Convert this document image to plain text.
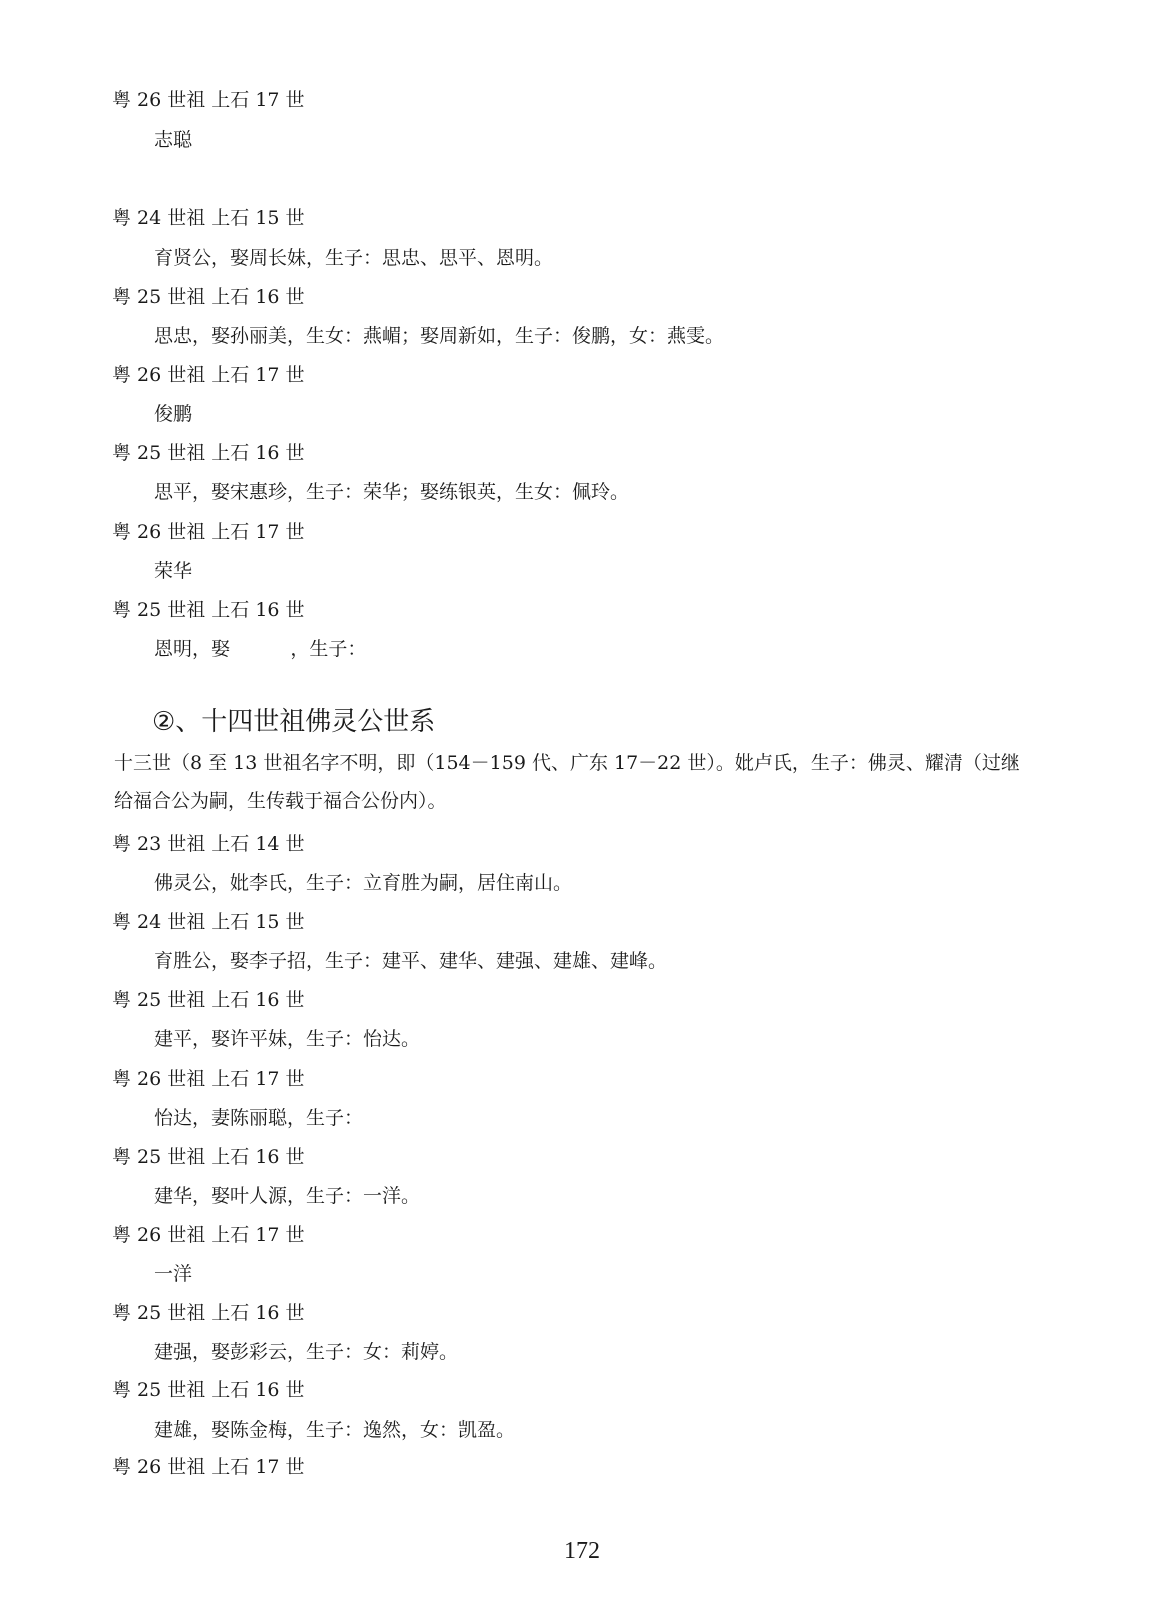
粤 26 世祖 上石 17 世
志聪
粤 24 世祖 上石 15 世
育贤公，娶周长妹，生子：思忠、思平、恩明。
粤 25 世祖 上石 16 世
思忠，娶孙丽美，生女：燕嵋；娶周新如，生子：俊鹏，女：燕雯。
粤 26 世祖 上石 17 世
俊鹏
粤 25 世祖 上石 16 世
思平，娶宋惠珍，生子：荣华；娶练银英，生女：佩玲。
粤 26 世祖 上石 17 世
荣华
粤 25 世祖 上石 16 世
恩明，娶          ，生子：
②、十四世祖佛灵公世系
十三世（8 至 13 世祖名字不明，即（154－159 代、广东 17－22 世）。妣卢氏，生子：佛灵、耀清（过继给福合公为嗣，生传载于福合公份内）。
粤 23 世祖 上石 14 世
佛灵公，妣李氏，生子：立育胜为嗣，居住南山。
粤 24 世祖 上石 15 世
育胜公，娶李子招，生子：建平、建华、建强、建雄、建峰。
粤 25 世祖 上石 16 世
建平，娶许平妹，生子：怡达。
粤 26 世祖 上石 17 世
怡达，妻陈丽聪，生子：
粤 25 世祖 上石 16 世
建华，娶叶人源，生子：一洋。
粤 26 世祖 上石 17 世
一洋
粤 25 世祖 上石 16 世
建强，娶彭彩云，生子：女：莉婷。
粤 25 世祖 上石 16 世
建雄，娶陈金梅，生子：逸然，女：凯盈。
粤 26 世祖 上石 17 世
172
